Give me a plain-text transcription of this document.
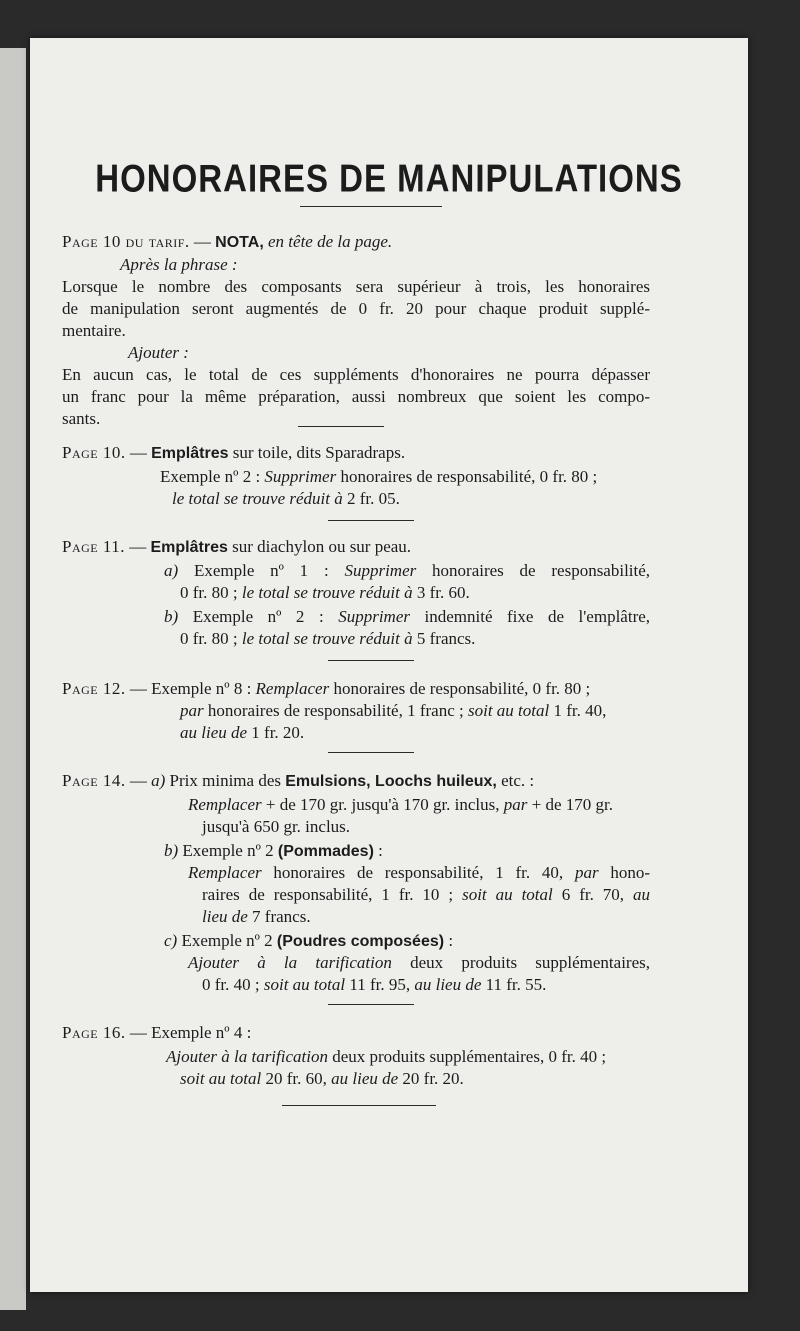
HONORAIRES DE MANIPULATIONS
Page 10 du tarif. — NOTA, en tête de la page.
Après la phrase :
Lorsque le nombre des composants sera supérieur à trois, les honoraires
de manipulation seront augmentés de 0 fr. 20 pour chaque produit supplé-
mentaire.
Ajouter :
En aucun cas, le total de ces suppléments d'honoraires ne pourra dépasser
un franc pour la même préparation, aussi nombreux que soient les compo-
sants.
Page 10. — Emplâtres sur toile, dits Sparadraps.
Exemple nº 2 : Supprimer honoraires de responsabilité, 0 fr. 80 ;
le total se trouve réduit à 2 fr. 05.
Page 11. — Emplâtres sur diachylon ou sur peau.
a) Exemple nº 1 : Supprimer honoraires de responsabilité,
0 fr. 80 ; le total se trouve réduit à 3 fr. 60.
b) Exemple nº 2 : Supprimer indemnité fixe de l'emplâtre,
0 fr. 80 ; le total se trouve réduit à 5 francs.
Page 12. — Exemple nº 8 : Remplacer honoraires de responsabilité, 0 fr. 80 ;
par honoraires de responsabilité, 1 franc ; soit au total 1 fr. 40,
au lieu de 1 fr. 20.
Page 14. — a) Prix minima des Emulsions, Loochs huileux, etc. :
Remplacer + de 170 gr. jusqu'à 170 gr. inclus, par + de 170 gr.
jusqu'à 650 gr. inclus.
b) Exemple nº 2 (Pommades) :
Remplacer honoraires de responsabilité, 1 fr. 40, par hono-
raires de responsabilité, 1 fr. 10 ; soit au total 6 fr. 70, au
lieu de 7 francs.
c) Exemple nº 2 (Poudres composées) :
Ajouter à la tarification deux produits supplémentaires,
0 fr. 40 ; soit au total 11 fr. 95, au lieu de 11 fr. 55.
Page 16. — Exemple nº 4 :
Ajouter à la tarification deux produits supplémentaires, 0 fr. 40 ;
soit au total 20 fr. 60, au lieu de 20 fr. 20.
